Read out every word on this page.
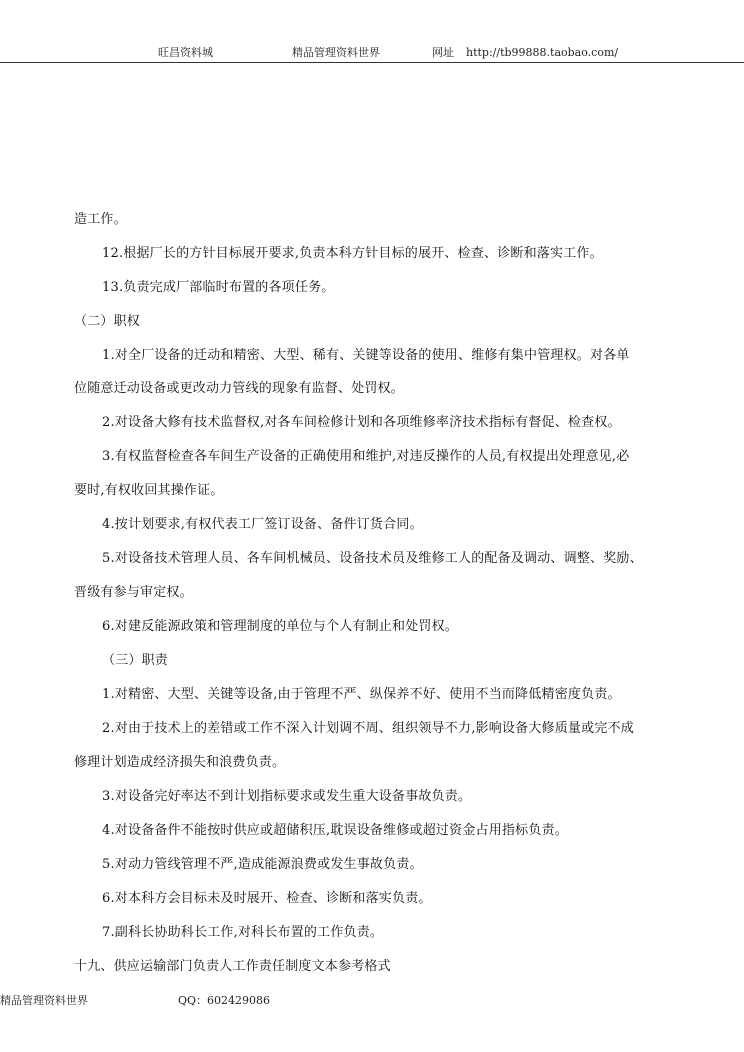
旺昌资料城	精品管理资料世界	网址 http://tb99888.taobao.com/
造工作。
12.根据厂长的方针目标展开要求,负责本科方针目标的展开、检查、诊断和落实工作。
13.负责完成厂部临时布置的各项任务。
（二）职权
1.对全厂设备的迁动和精密、大型、稀有、关键等设备的使用、维修有集中管理权。对各单
位随意迁动设备或更改动力管线的现象有监督、处罚权。
2.对设备大修有技术监督权,对各车间检修计划和各项维修率济技术指标有督促、检查权。
3.有权监督检查各车间生产设备的正确使用和维护,对违反操作的人员,有权提出处理意见,必
要时,有权收回其操作证。
4.按计划要求,有权代表工厂签订设备、备件订货合同。
5.对设备技术管理人员、各车间机械员、设备技术员及维修工人的配备及调动、调整、奖励、
晋级有参与审定权。
6.对建反能源政策和管理制度的单位与个人有制止和处罚权。
（三）职责
1.对精密、大型、关键等设备,由于管理不严、纵保养不好、使用不当而降低精密度负责。
2.对由于技术上的差错或工作不深入计划调不周、组织领导不力,影响设备大修质量或完不成
修理计划造成经济损失和浪费负责。
3.对设备完好率达不到计划指标要求或发生重大设备事故负责。
4.对设备备件不能按时供应或超储积压,耽误设备维修或超过资金占用指标负责。
5.对动力管线管理不严,造成能源浪费或发生事故负责。
6.对本科方会目标未及时展开、检查、诊断和落实负责。
7.副科长协助科长工作,对科长布置的工作负责。
十九、供应运输部门负责人工作责任制度文本参考格式
精品管理资料世界	QQ：602429086
